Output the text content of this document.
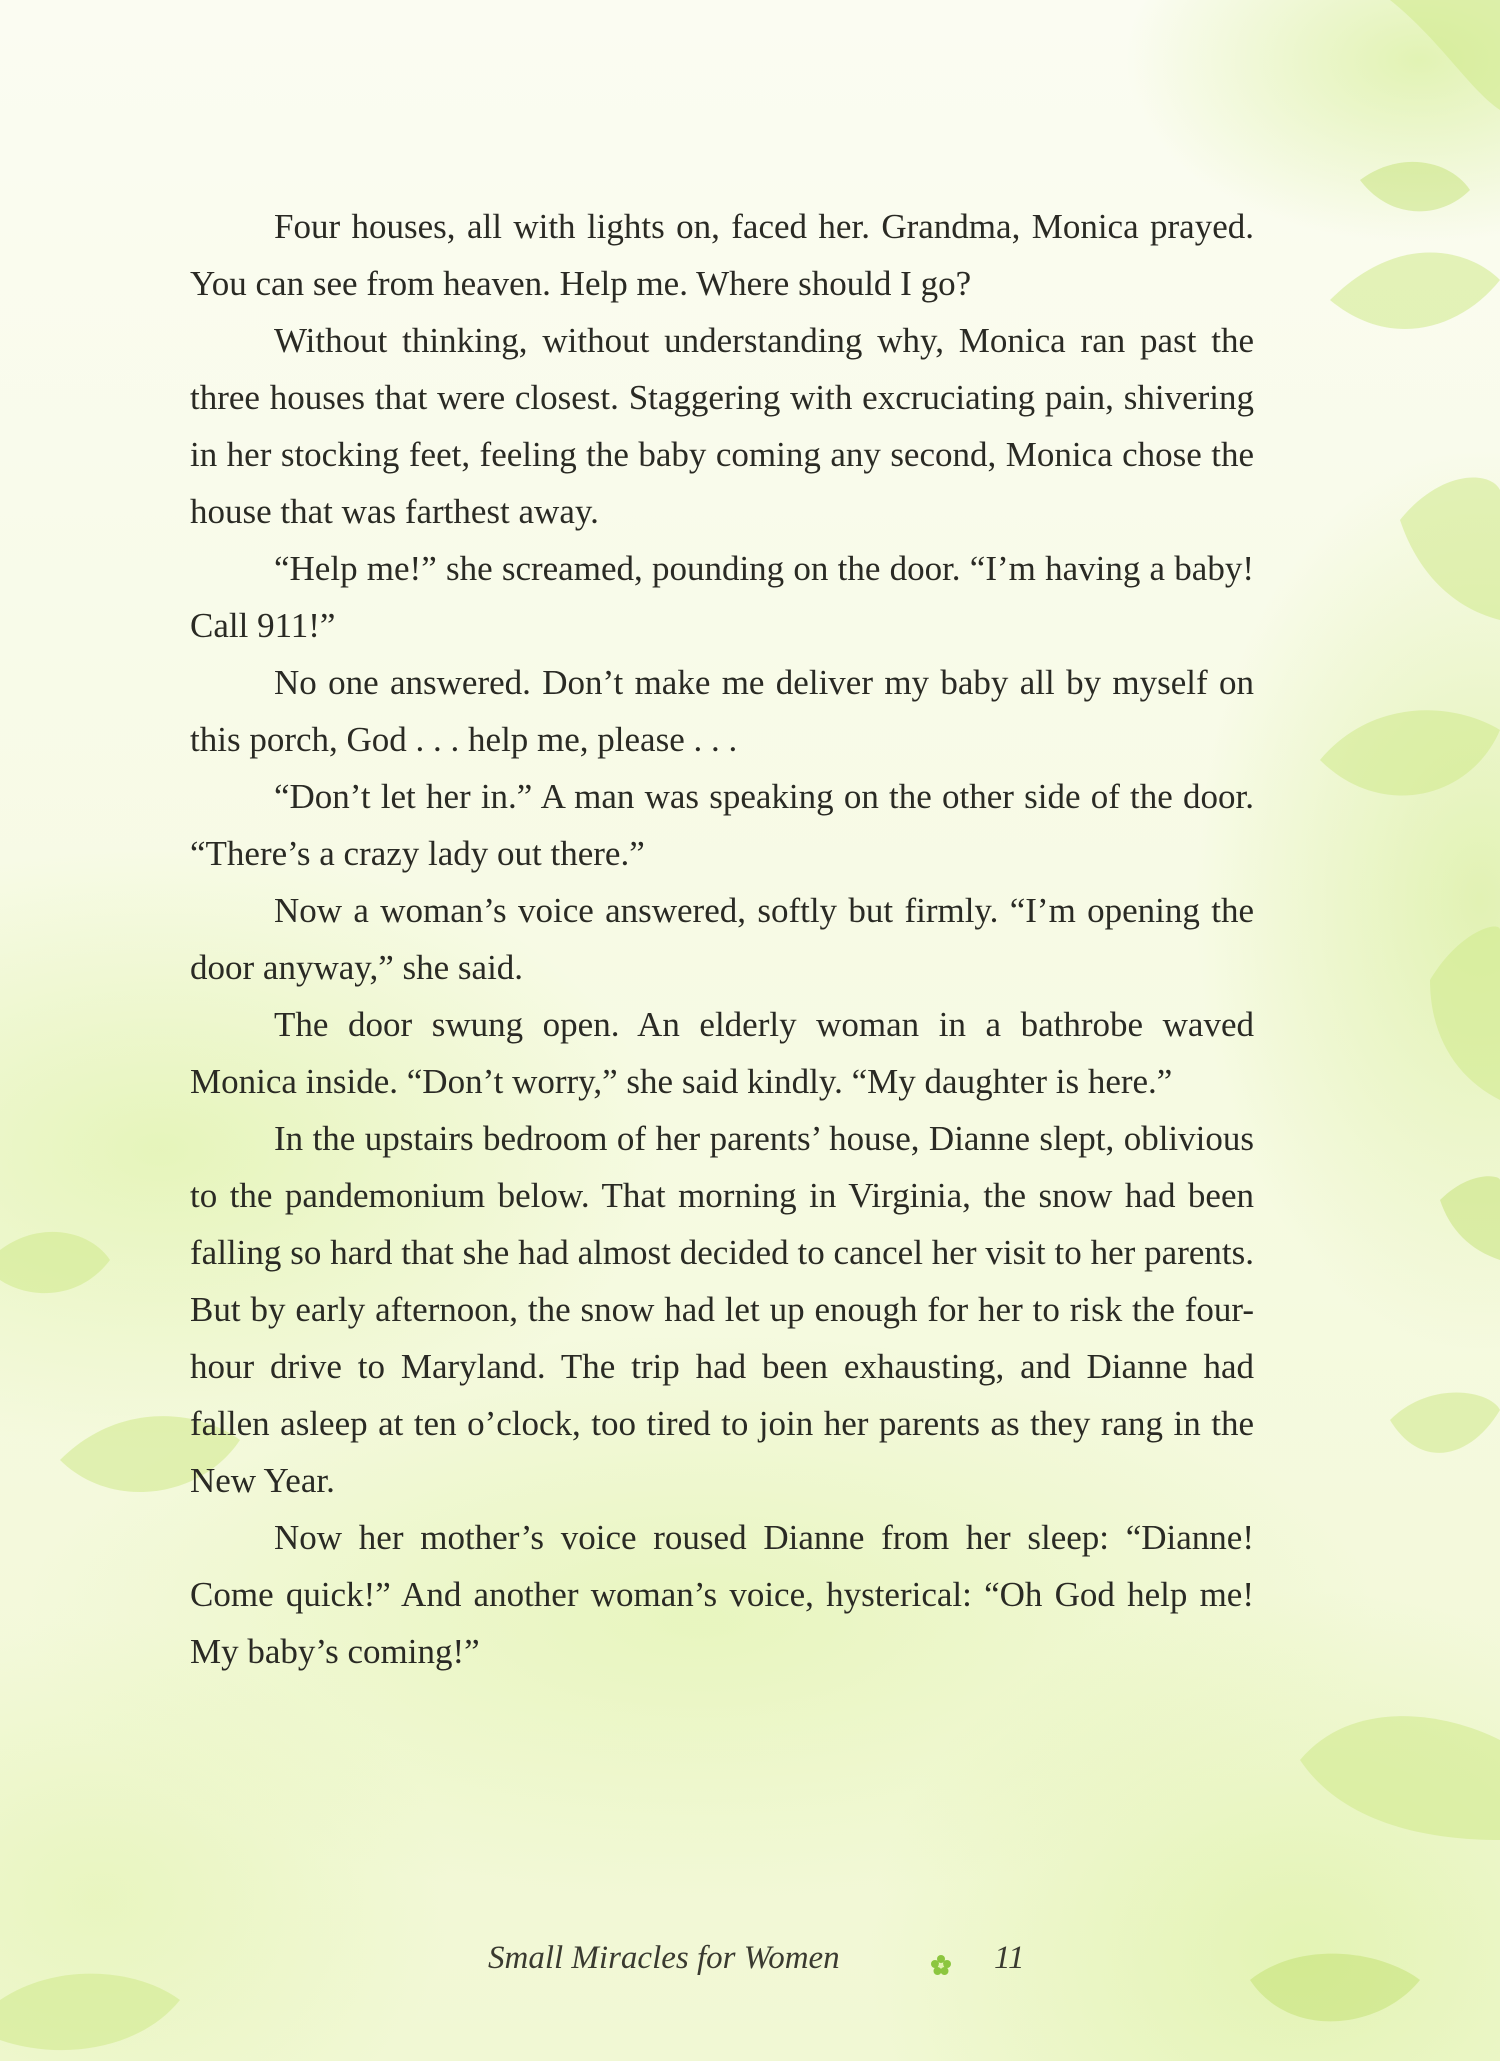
Four houses, all with lights on, faced her. Grandma, Monica prayed. You can see from heaven. Help me. Where should I go?

Without thinking, without understanding why, Monica ran past the three houses that were closest. Staggering with excruciating pain, shivering in her stocking feet, feeling the baby coming any second, Monica chose the house that was farthest away.

“Help me!” she screamed, pounding on the door. “I’m having a baby! Call 911!”

No one answered. Don’t make me deliver my baby all by myself on this porch, God . . . help me, please . . .

“Don’t let her in.” A man was speaking on the other side of the door. “There’s a crazy lady out there.”

Now a woman’s voice answered, softly but firmly. “I’m opening the door anyway,” she said.

The door swung open. An elderly woman in a bathrobe waved Monica inside. “Don’t worry,” she said kindly. “My daughter is here.”

In the upstairs bedroom of her parents’ house, Dianne slept, oblivious to the pandemonium below. That morning in Virginia, the snow had been falling so hard that she had almost decided to cancel her visit to her parents. But by early afternoon, the snow had let up enough for her to risk the four-hour drive to Maryland. The trip had been exhausting, and Dianne had fallen asleep at ten o’clock, too tired to join her parents as they rang in the New Year.

Now her mother’s voice roused Dianne from her sleep: “Dianne! Come quick!” And another woman’s voice, hysterical: “Oh God help me! My baby’s coming!”

Small Miracles for Women	11
